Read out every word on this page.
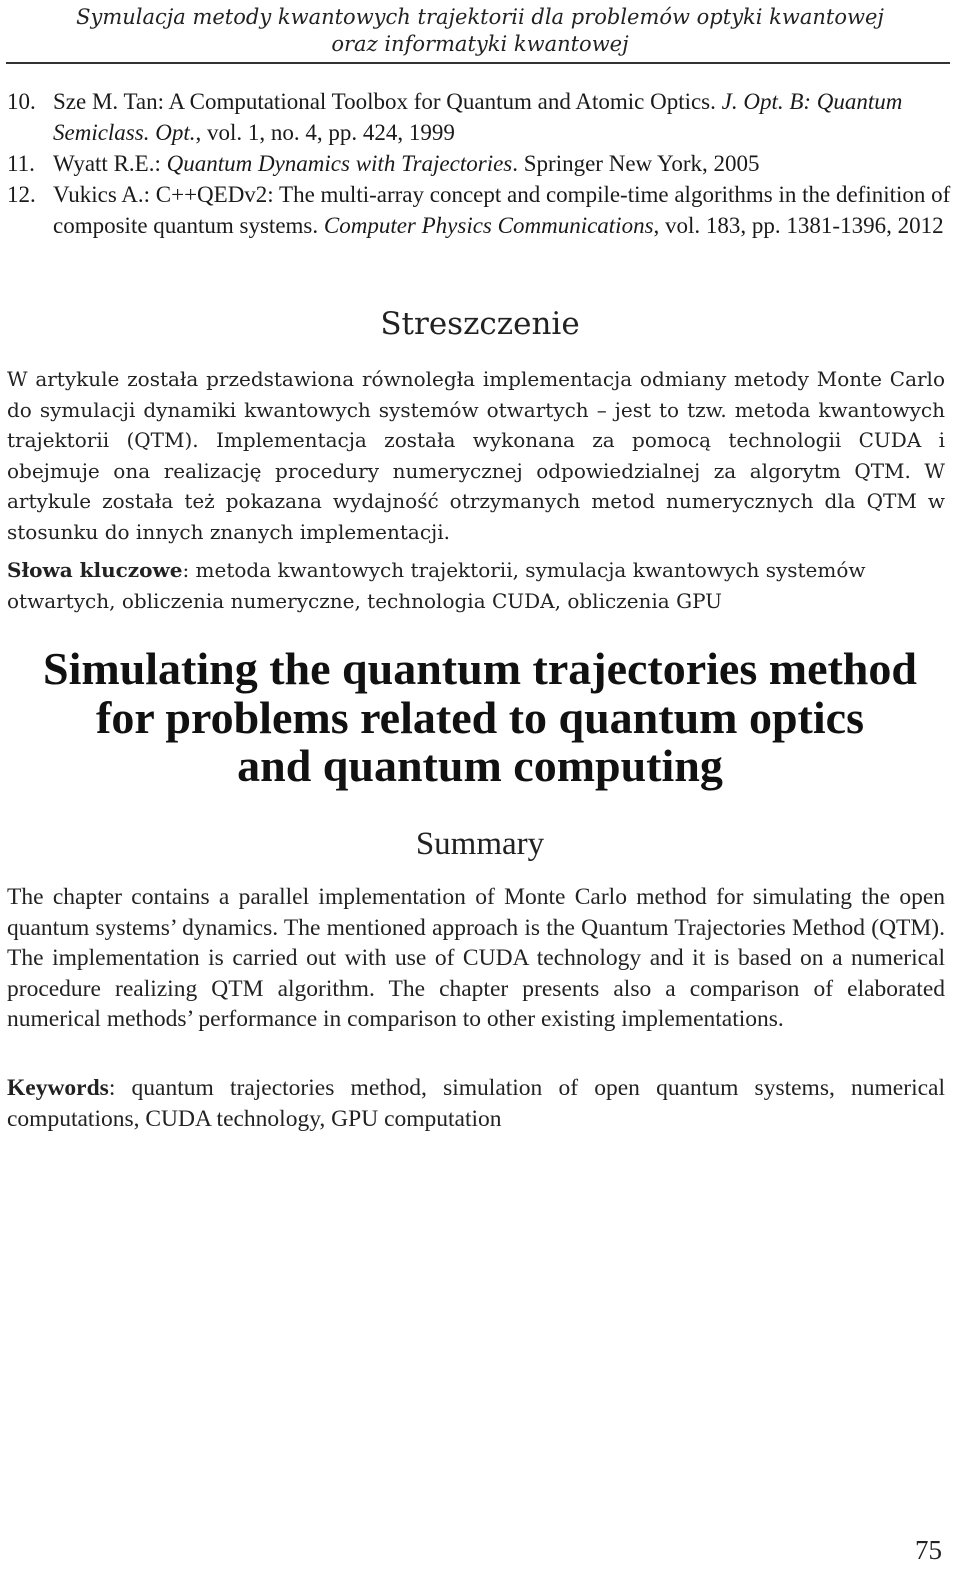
Symulacja metody kwantowych trajektorii dla problemów optyki kwantowej
oraz informatyki kwantowej
10. Sze M. Tan: A Computational Toolbox for Quantum and Atomic Optics. J. Opt. B: Quantum Semiclass. Opt., vol. 1, no. 4, pp. 424, 1999
11. Wyatt R.E.: Quantum Dynamics with Trajectories. Springer New York, 2005
12. Vukics A.: C++QEDv2: The multi-array concept and compile-time algorithms in the definition of composite quantum systems. Computer Physics Communications, vol. 183, pp. 1381-1396, 2012
Streszczenie
W artykule została przedstawiona równoległa implementacja odmiany metody Monte Carlo do symulacji dynamiki kwantowych systemów otwartych – jest to tzw. metoda kwantowych trajektorii (QTM). Implementacja została wykonana za pomocą technologii CUDA i obejmuje ona realizację procedury numerycznej odpowiedzialnej za algorytm QTM. W artykule została też pokazana wydajność otrzymanych metod numerycznych dla QTM w stosunku do innych znanych implementacji.
Słowa kluczowe: metoda kwantowych trajektorii, symulacja kwantowych systemów otwartych, obliczenia numeryczne, technologia CUDA, obliczenia GPU
Simulating the quantum trajectories method
for problems related to quantum optics
and quantum computing
Summary
The chapter contains a parallel implementation of Monte Carlo method for simulating the open quantum systems’ dynamics. The mentioned approach is the Quantum Trajectories Method (QTM). The implementation is carried out with use of CUDA technology and it is based on a numerical procedure realizing QTM algorithm. The chapter presents also a comparison of elaborated numerical methods’ performance in comparison to other existing implementations.
Keywords: quantum trajectories method, simulation of open quantum systems, numerical computations, CUDA technology, GPU computation
75
